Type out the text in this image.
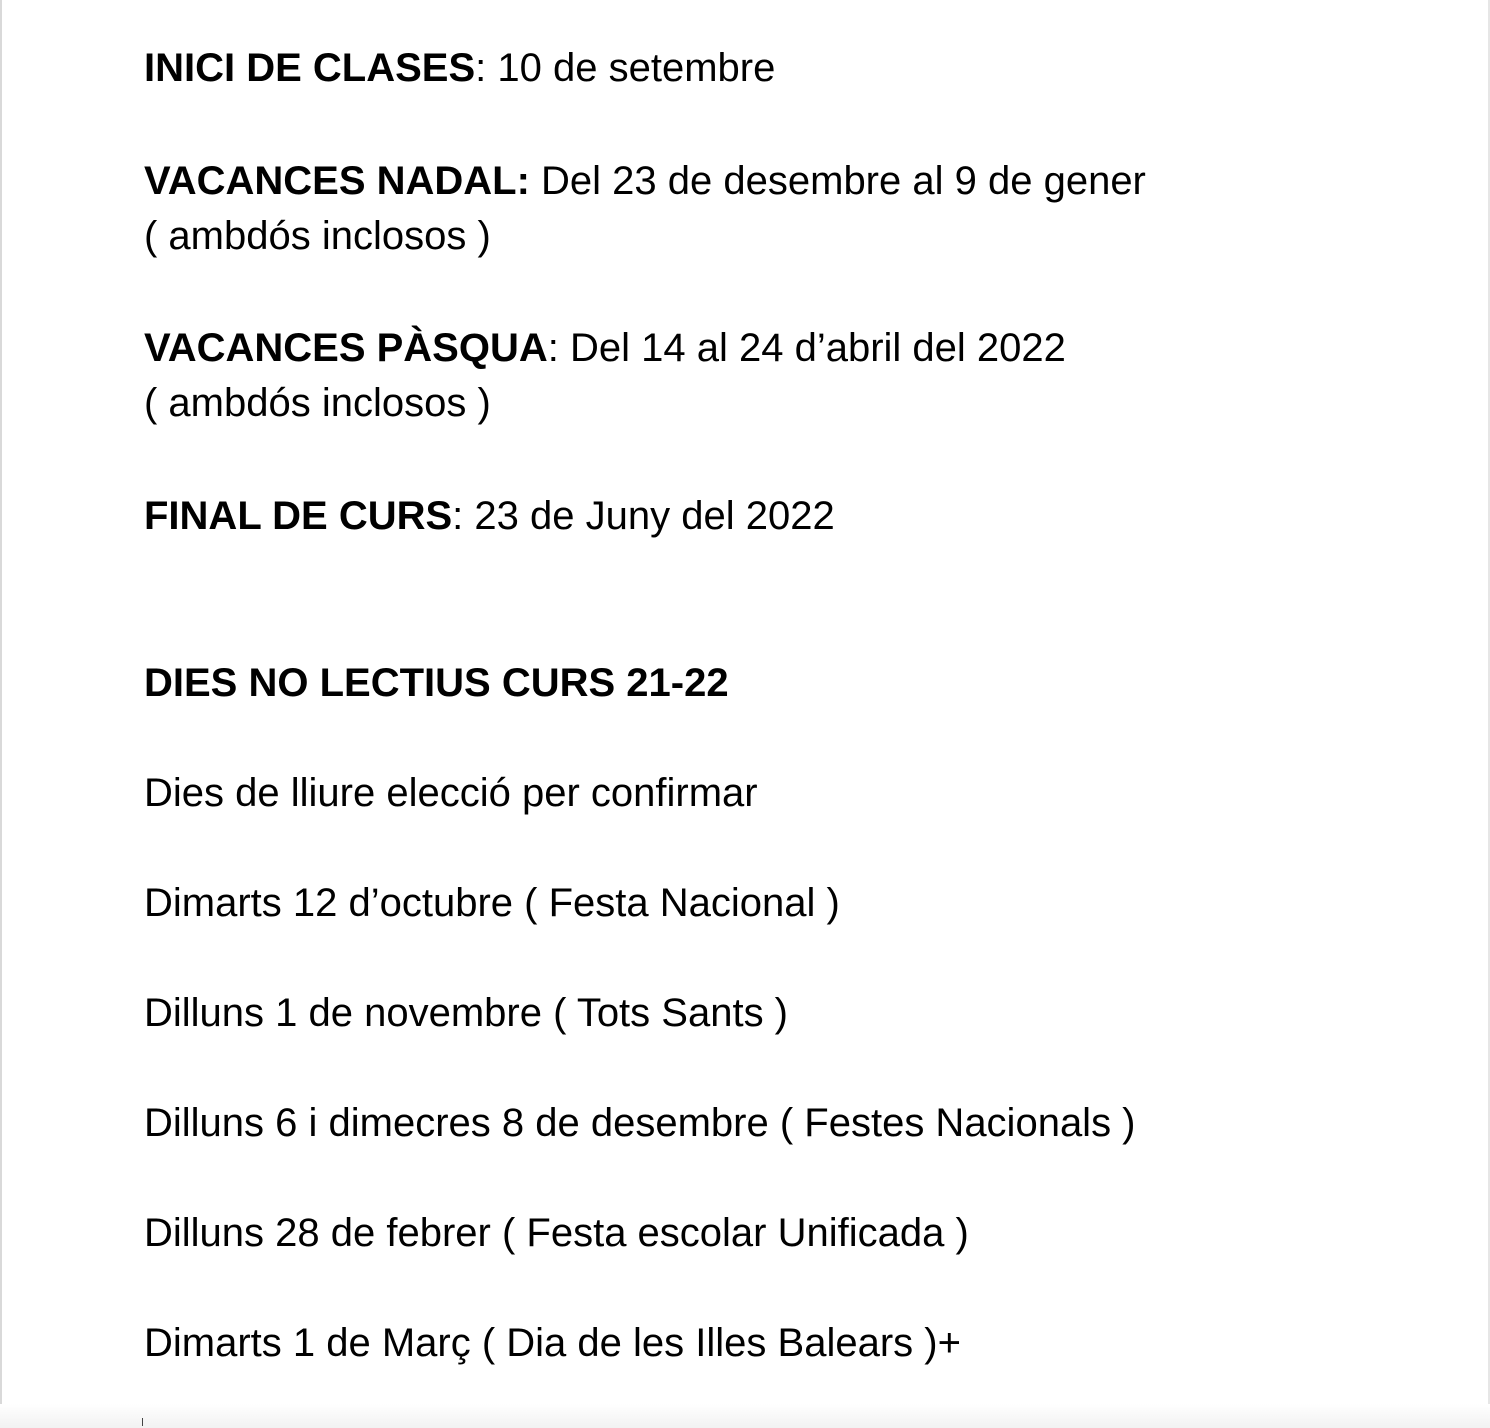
INICI DE CLASES: 10 de setembre
VACANCES NADAL: Del 23 de desembre al 9 de gener
( ambdós inclosos )
VACANCES PÀSQUA: Del 14 al 24 d’abril del 2022
( ambdós inclosos )
FINAL DE CURS: 23 de Juny del 2022
DIES NO LECTIUS CURS 21-22
Dies de lliure elecció per confirmar
Dimarts 12 d’octubre ( Festa Nacional )
Dilluns 1 de novembre ( Tots Sants )
Dilluns 6 i dimecres 8 de desembre ( Festes Nacionals )
Dilluns 28 de febrer ( Festa escolar Unificada )
Dimarts 1 de Març ( Dia de les Illes Balears )+
